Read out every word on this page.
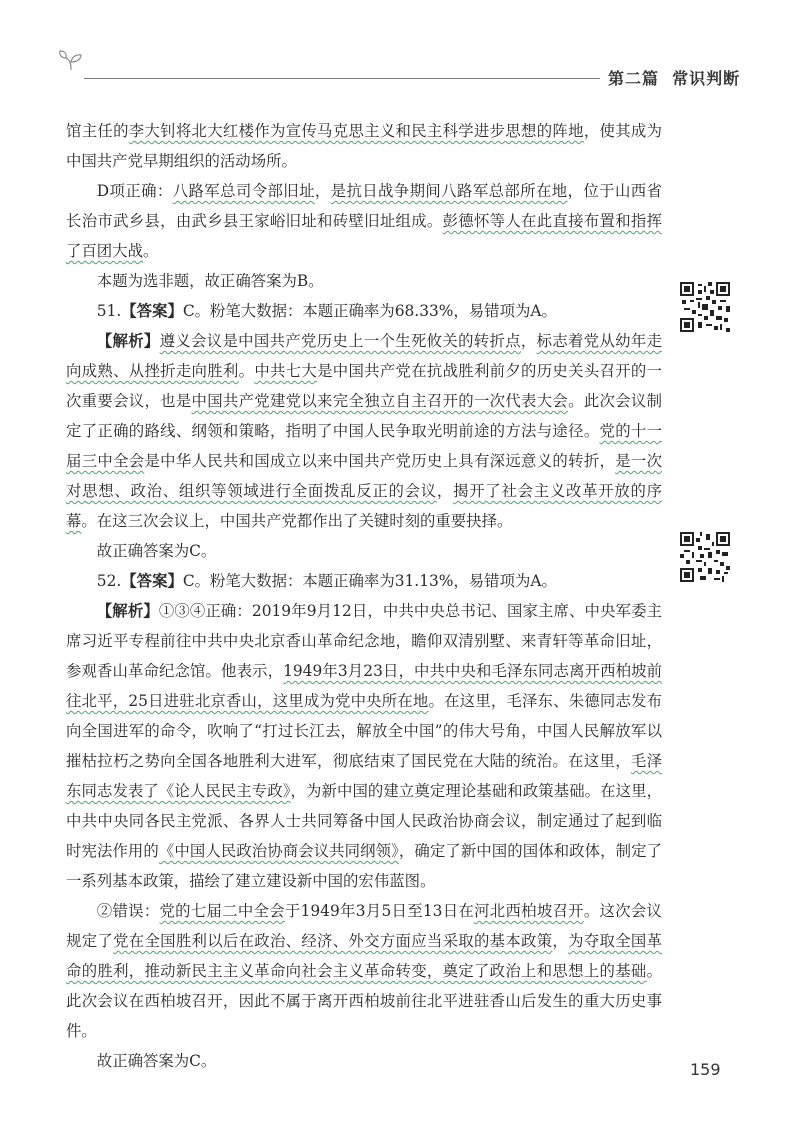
第二篇 常识判断

馆主任的李大钊将北大红楼作为宣传马克思主义和民主科学进步思想的阵地，使其成为中国共产党早期组织的活动场所。

D项正确：八路军总司令部旧址，是抗日战争期间八路军总部所在地，位于山西省长治市武乡县，由武乡县王家峪旧址和砖壁旧址组成。彭德怀等人在此直接布置和指挥了百团大战。

本题为选非题，故正确答案为B。

51.【答案】C。粉笔大数据：本题正确率为68.33%，易错项为A。

【解析】遵义会议是中国共产党历史上一个生死攸关的转折点，标志着党从幼年走向成熟、从挫折走向胜利。中共七大是中国共产党在抗战胜利前夕的历史关头召开的一次重要会议，也是中国共产党建党以来完全独立自主召开的一次代表大会。此次会议制定了正确的路线、纲领和策略，指明了中国人民争取光明前途的方法与途径。党的十一届三中全会是中华人民共和国成立以来中国共产党历史上具有深远意义的转折，是一次对思想、政治、组织等领域进行全面拨乱反正的会议，揭开了社会主义改革开放的序幕。在这三次会议上，中国共产党都作出了关键时刻的重要抉择。

故正确答案为C。

52.【答案】C。粉笔大数据：本题正确率为31.13%，易错项为A。

【解析】①③④正确：2019年9月12日，中共中央总书记、国家主席、中央军委主席习近平专程前往中共中央北京香山革命纪念地，瞻仰双清别墅、来青轩等革命旧址，参观香山革命纪念馆。他表示，1949年3月23日，中共中央和毛泽东同志离开西柏坡前往北平，25日进驻北京香山，这里成为党中央所在地。在这里，毛泽东、朱德同志发布向全国进军的命令，吹响了“打过长江去，解放全中国”的伟大号角，中国人民解放军以摧枯拉朽之势向全国各地胜利大进军，彻底结束了国民党在大陆的统治。在这里，毛泽东同志发表了《论人民民主专政》，为新中国的建立奠定理论基础和政策基础。在这里，中共中央同各民主党派、各界人士共同筹备中国人民政治协商会议，制定通过了起到临时宪法作用的《中国人民政治协商会议共同纲领》，确定了新中国的国体和政体，制定了一系列基本政策，描绘了建立建设新中国的宏伟蓝图。

②错误：党的七届二中全会于1949年3月5日至13日在河北西柏坡召开。这次会议规定了党在全国胜利以后在政治、经济、外交方面应当采取的基本政策，为夺取全国革命的胜利，推动新民主主义革命向社会主义革命转变，奠定了政治上和思想上的基础。此次会议在西柏坡召开，因此不属于离开西柏坡前往北平进驻香山后发生的重大历史事件。

故正确答案为C。	159
